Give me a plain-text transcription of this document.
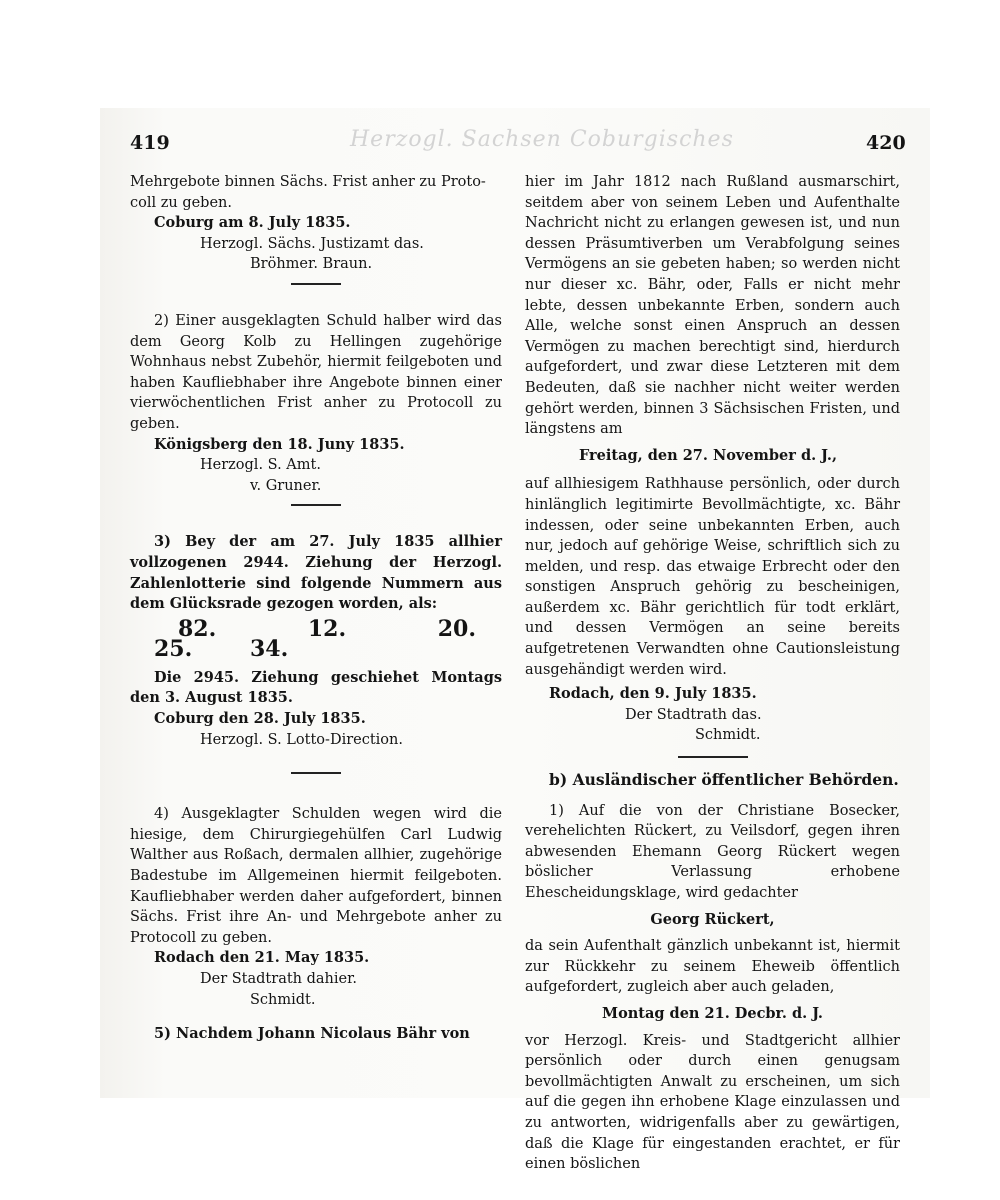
Herzogl. Sachsen Coburgisches
419	420

Mehrgebote binnen Sächs. Frist anher zu Proto-

coll zu geben.

Coburg am 8. July 1835.

Herzogl. Sächs. Justizamt das.

Bröhmer. Braun.

2) Einer ausgeklagten Schuld halber wird das dem Georg Kolb zu Hellingen zugehörige Wohnhaus nebst Zubehör, hiermit feilgeboten und haben Kaufliebhaber ihre Angebote binnen einer vierwöchentlichen Frist anher zu Protocoll zu geben.

Königsberg den 18. Juny 1835.

Herzogl. S. Amt.

v. Gruner.

3) Bey der am 27. July 1835 allhier vollzogenen 2944. Ziehung der Herzogl. Zahlenlotterie sind folgende Nummern aus dem Glücksrade gezogen worden, als:

82.	12.	20. 25.	34.

Die 2945. Ziehung geschiehet Montags den 3. August 1835.

Coburg den 28. July 1835.

Herzogl. S. Lotto-Direction.

4) Ausgeklagter Schulden wegen wird die hiesige, dem Chirurgiegehülfen Carl Ludwig Walther aus Roßach, dermalen allhier, zugehörige Badestube im Allgemeinen hiermit feilgeboten. Kaufliebhaber werden daher aufgefordert, binnen Sächs. Frist ihre An- und Mehrgebote anher zu Protocoll zu geben.

Rodach den 21. May 1835.

Der Stadtrath dahier.

Schmidt.

5) Nachdem Johann Nicolaus Bähr von

hier im Jahr 1812 nach Rußland ausmarschirt, seitdem aber von seinem Leben und Aufenthalte Nachricht nicht zu erlangen gewesen ist, und nun dessen Präsumtiverben um Verabfolgung seines Vermögens an sie gebeten haben; so werden nicht nur dieser xc. Bähr, oder, Falls er nicht mehr lebte, dessen unbekannte Erben, sondern auch Alle, welche sonst einen Anspruch an dessen Vermögen zu machen berechtigt sind, hierdurch aufgefordert, und zwar diese Letzteren mit dem Bedeuten, daß sie nachher nicht weiter werden gehört werden, binnen 3 Sächsischen Fristen, und längstens am

Freitag, den 27. November d. J.,

auf allhiesigem Rathhause persönlich, oder durch hinlänglich legitimirte Bevollmächtigte, xc. Bähr indessen, oder seine unbekannten Erben, auch nur, jedoch auf gehörige Weise, schriftlich sich zu melden, und resp. das etwaige Erbrecht oder den sonstigen Anspruch gehörig zu bescheinigen, außerdem xc. Bähr gerichtlich für todt erklärt, und dessen Vermögen an seine bereits aufgetretenen Verwandten ohne Cautionsleistung ausgehändigt werden wird.

Rodach, den 9. July 1835.

Der Stadtrath das.

Schmidt.

b) Ausländischer öffentlicher Behörden.

1) Auf die von der Christiane Bosecker, verehelichten Rückert, zu Veilsdorf, gegen ihren abwesenden Ehemann Georg Rückert wegen böslicher Verlassung erhobene Ehescheidungsklage, wird gedachter

Georg Rückert,

da sein Aufenthalt gänzlich unbekannt ist, hiermit zur Rückkehr zu seinem Eheweib öffentlich aufgefordert, zugleich aber auch geladen,

Montag den 21. Decbr. d. J.

vor Herzogl. Kreis- und Stadtgericht allhier persönlich oder durch einen genugsam bevollmächtigten Anwalt zu erscheinen, um sich auf die gegen ihn erhobene Klage einzulassen und zu antworten, widrigenfalls aber zu gewärtigen, daß die Klage für eingestanden erachtet, er für einen böslichen
